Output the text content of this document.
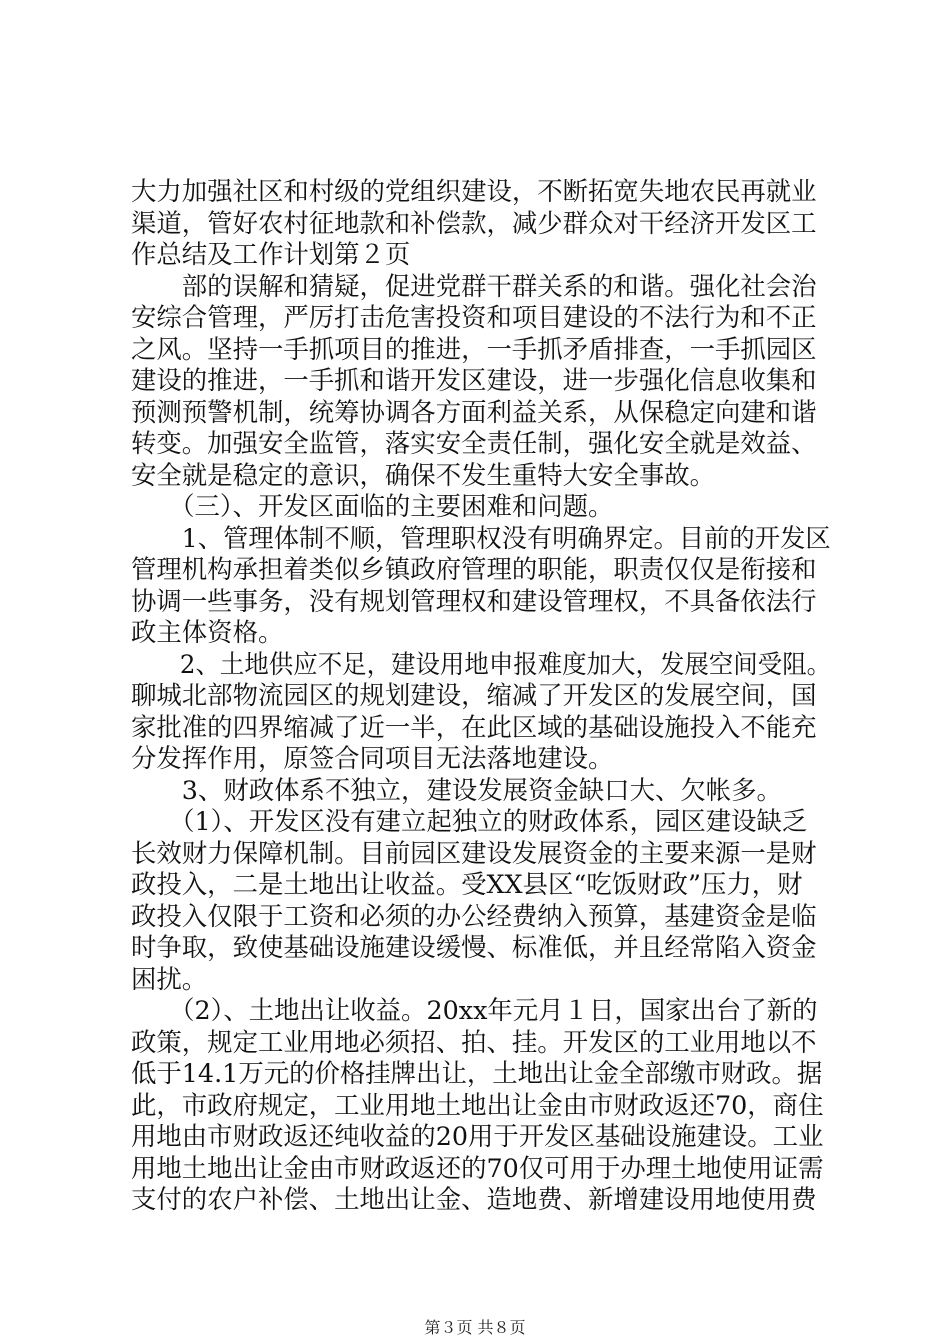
大力加强社区和村级的党组织建设，不断拓宽失地农民再就业
渠道，管好农村征地款和补偿款，减少群众对干经济开发区工
作总结及工作计划第２页
　　部的误解和猜疑，促进党群干群关系的和谐。强化社会治
安综合管理，严厉打击危害投资和项目建设的不法行为和不正
之风。坚持一手抓项目的推进，一手抓矛盾排查，一手抓园区
建设的推进，一手抓和谐开发区建设，进一步强化信息收集和
预测预警机制，统筹协调各方面利益关系，从保稳定向建和谐
转变。加强安全监管，落实安全责任制，强化安全就是效益、
安全就是稳定的意识，确保不发生重特大安全事故。
　　（三）、开发区面临的主要困难和问题。
　　1、管理体制不顺，管理职权没有明确界定。目前的开发区
管理机构承担着类似乡镇政府管理的职能，职责仅仅是衔接和
协调一些事务，没有规划管理权和建设管理权，不具备依法行
政主体资格。
　　2、土地供应不足，建设用地申报难度加大，发展空间受阻。
聊城北部物流园区的规划建设，缩减了开发区的发展空间，国
家批准的四界缩减了近一半，在此区域的基础设施投入不能充
分发挥作用，原签合同项目无法落地建设。
　　3、财政体系不独立，建设发展资金缺口大、欠帐多。
　　（1）、开发区没有建立起独立的财政体系，园区建设缺乏
长效财力保障机制。目前园区建设发展资金的主要来源一是财
政投入，二是土地出让收益。受XX县区“吃饭财政”压力，财
政投入仅限于工资和必须的办公经费纳入预算，基建资金是临
时争取，致使基础设施建设缓慢、标准低，并且经常陷入资金
困扰。
　　（2）、土地出让收益。20xx年元月１日，国家出台了新的
政策，规定工业用地必须招、拍、挂。开发区的工业用地以不
低于14.1万元的价格挂牌出让，土地出让金全部缴市财政。据
此，市政府规定，工业用地土地出让金由市财政返还70，商住
用地由市财政返还纯收益的20用于开发区基础设施建设。工业
用地土地出让金由市财政返还的70仅可用于办理土地使用证需
支付的农户补偿、土地出让金、造地费、新增建设用地使用费
第３页 共８页
